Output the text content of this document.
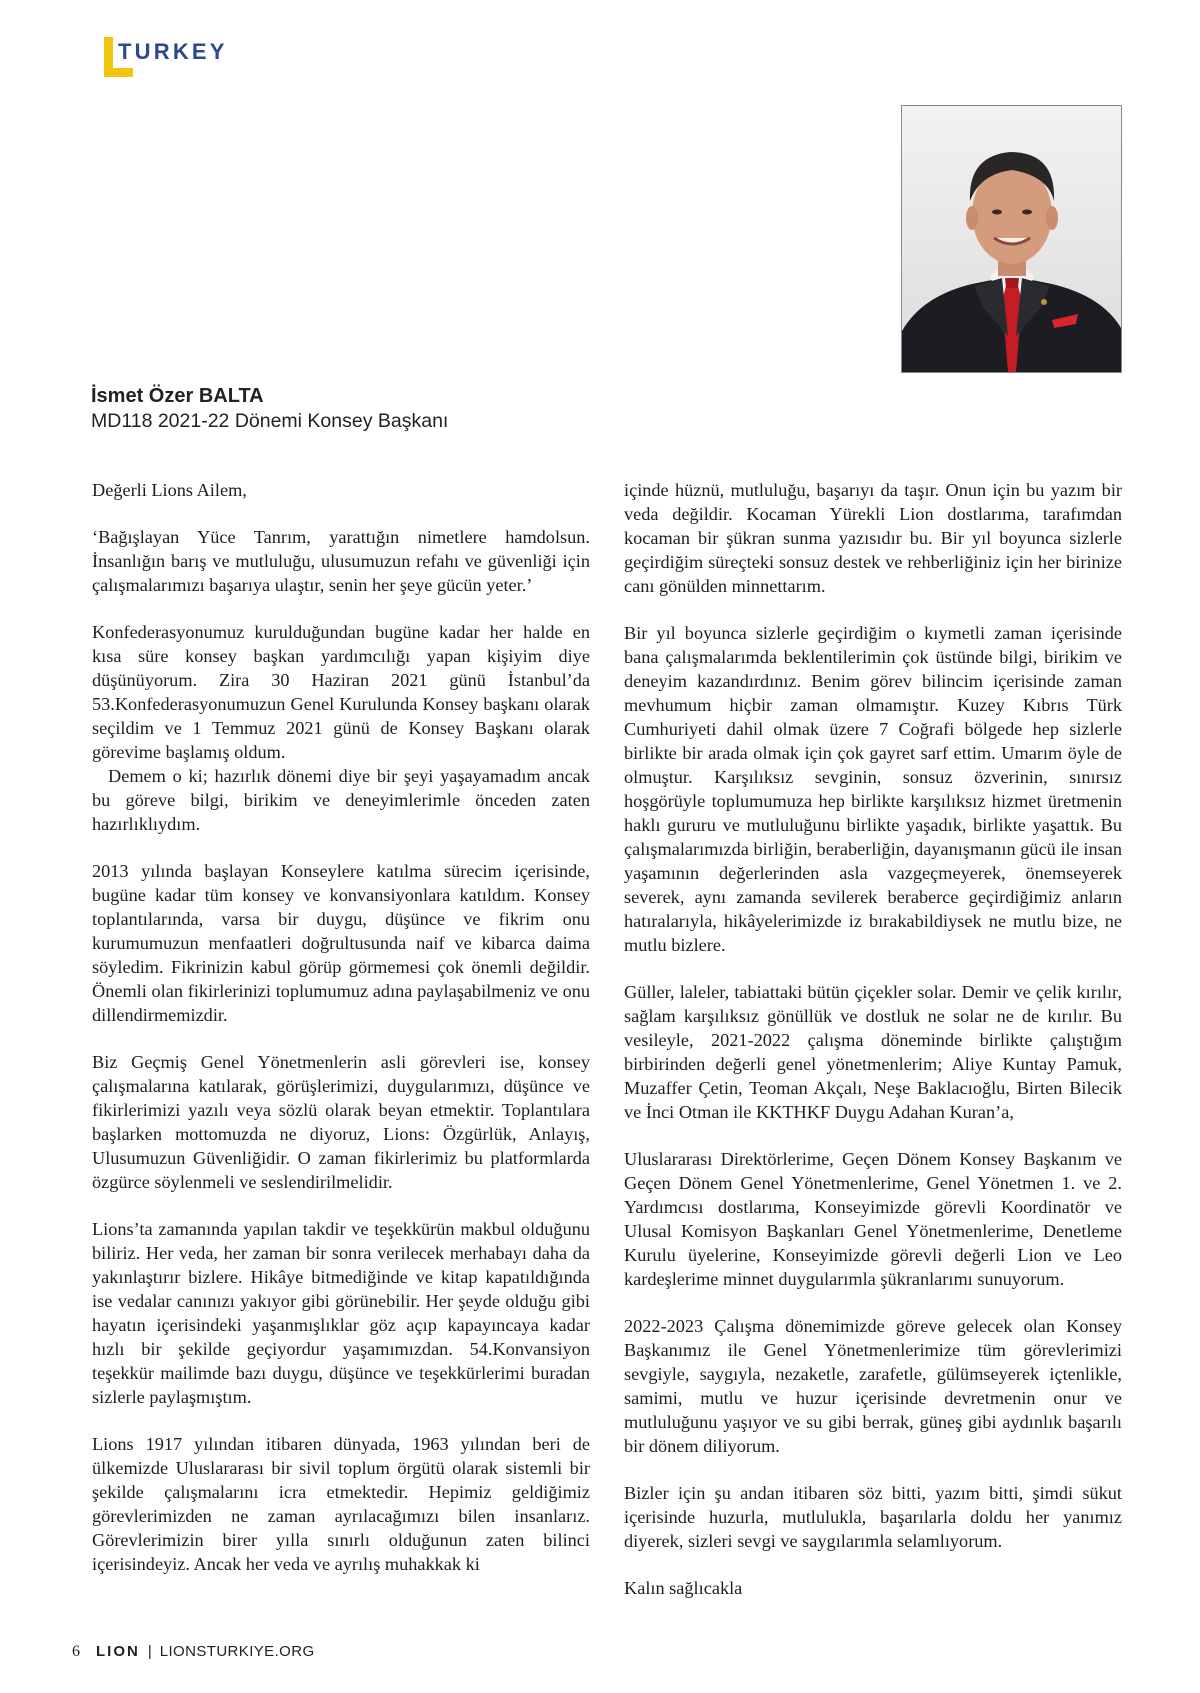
TURKEY
İsmet Özer BALTA
MD118 2021-22 Dönemi Konsey Başkanı

Değerli Lions Ailem,

‘Bağışlayan Yüce Tanrım, yarattığın nimetlere hamdolsun. İnsanlığın barış ve mutluluğu, ulusumuzun refahı ve güvenliği için çalışmalarımızı başarıya ulaştır, senin her şeye gücün yeter.’

Konfederasyonumuz kurulduğundan bugüne kadar her halde en kısa süre konsey başkan yardımcılığı yapan kişiyim diye düşünüyorum. Zira 30 Haziran 2021 günü İstanbul’da 53.Konfederasyonumuzun Genel Kurulunda Konsey başkanı olarak seçildim ve 1 Temmuz 2021 günü de Konsey Başkanı olarak görevime başlamış oldum.

Demem o ki; hazırlık dönemi diye bir şeyi yaşayamadım ancak bu göreve bilgi, birikim ve deneyimlerimle önceden zaten hazırlıklıydım.

2013 yılında başlayan Konseylere katılma sürecim içerisinde, bugüne kadar tüm konsey ve konvansiyonlara katıldım. Konsey toplantılarında, varsa bir duygu, düşünce ve fikrim onu kurumumuzun menfaatleri doğrultusunda naif ve kibarca daima söyledim. Fikrinizin kabul görüp görmemesi çok önemli değildir. Önemli olan fikirlerinizi toplumumuz adına paylaşabilmeniz ve onu dillendirmemizdir.

Biz Geçmiş Genel Yönetmenlerin asli görevleri ise, konsey çalışmalarına katılarak, görüşlerimizi, duygularımızı, düşünce ve fikirlerimizi yazılı veya sözlü olarak beyan etmektir. Toplantılara başlarken mottomuzda ne diyoruz, Lions: Özgürlük, Anlayış, Ulusumuzun Güvenliğidir. O zaman fikirlerimiz bu platformlarda özgürce söylenmeli ve seslendirilmelidir.

Lions’ta zamanında yapılan takdir ve teşekkürün makbul olduğunu biliriz. Her veda, her zaman bir sonra verilecek merhabayı daha da yakınlaştırır bizlere. Hikâye bitmediğinde ve kitap kapatıldığında ise vedalar canınızı yakıyor gibi görünebilir. Her şeyde olduğu gibi hayatın içerisindeki yaşanmışlıklar göz açıp kapayıncaya kadar hızlı bir şekilde geçiyordur yaşamımızdan. 54.Konvansiyon teşekkür mailimde bazı duygu, düşünce ve teşekkürlerimi buradan sizlerle paylaşmıştım.

Lions 1917 yılından itibaren dünyada, 1963 yılından beri de ülkemizde Uluslararası bir sivil toplum örgütü olarak sistemli bir şekilde çalışmalarını icra etmektedir. Hepimiz geldiğimiz görevlerimizden ne zaman ayrılacağımızı bilen insanlarız. Görevlerimizin birer yılla sınırlı olduğunun zaten bilinci içerisindeyiz. Ancak her veda ve ayrılış muhakkak ki

içinde hüznü, mutluluğu, başarıyı da taşır. Onun için bu yazım bir veda değildir. Kocaman Yürekli Lion dostlarıma, tarafımdan kocaman bir şükran sunma yazısıdır bu. Bir yıl boyunca sizlerle geçirdiğim süreçteki sonsuz destek ve rehberliğiniz için her birinize canı gönülden minnettarım.

Bir yıl boyunca sizlerle geçirdiğim o kıymetli zaman içerisinde bana çalışmalarımda beklentilerimin çok üstünde bilgi, birikim ve deneyim kazandırdınız. Benim görev bilincim içerisinde zaman mevhumum hiçbir zaman olmamıştır. Kuzey Kıbrıs Türk Cumhuriyeti dahil olmak üzere 7 Coğrafi bölgede hep sizlerle birlikte bir arada olmak için çok gayret sarf ettim. Umarım öyle de olmuştur. Karşılıksız sevginin, sonsuz özverinin, sınırsız hoşgörüyle toplumumuza hep birlikte karşılıksız hizmet üretmenin haklı gururu ve mutluluğunu birlikte yaşadık, birlikte yaşattık. Bu çalışmalarımızda birliğin, beraberliğin, dayanışmanın gücü ile insan yaşamının değerlerinden asla vazgeçmeyerek, önemseyerek severek, aynı zamanda sevilerek beraberce geçirdiğimiz anların hatıralarıyla, hikâyelerimizde iz bırakabildiysek ne mutlu bize, ne mutlu bizlere.

Güller, laleler, tabiattaki bütün çiçekler solar. Demir ve çelik kırılır, sağlam karşılıksız gönüllük ve dostluk ne solar ne de kırılır. Bu vesileyle, 2021-2022 çalışma döneminde birlikte çalıştığım birbirinden değerli genel yönetmenlerim; Aliye Kuntay Pamuk, Muzaffer Çetin, Teoman Akçalı, Neşe Baklacıoğlu, Birten Bilecik ve İnci Otman ile KKTHKF Duygu Adahan Kuran’a,

Uluslararası Direktörlerime, Geçen Dönem Konsey Başkanım ve Geçen Dönem Genel Yönetmenlerime, Genel Yönetmen 1. ve 2. Yardımcısı dostlarıma, Konseyimizde görevli Koordinatör ve Ulusal Komisyon Başkanları Genel Yönetmenlerime, Denetleme Kurulu üyelerine, Konseyimizde görevli değerli Lion ve Leo kardeşlerime minnet duygularımla şükranlarımı sunuyorum.

2022-2023 Çalışma dönemimizde göreve gelecek olan Konsey Başkanımız ile Genel Yönetmenlerimize tüm görevlerimizi sevgiyle, saygıyla, nezaketle, zarafetle, gülümseyerek içtenlikle, samimi, mutlu ve huzur içerisinde devretmenin onur ve mutluluğunu yaşıyor ve su gibi berrak, güneş gibi aydınlık başarılı bir dönem diliyorum.

Bizler için şu andan itibaren söz bitti, yazım bitti, şimdi sükut içerisinde huzurla, mutlulukla, başarılarla doldu her yanımız diyerek, sizleri sevgi ve saygılarımla selamlıyorum.

Kalın sağlıcakla

6 LION | LIONSTURKIYE.ORG
